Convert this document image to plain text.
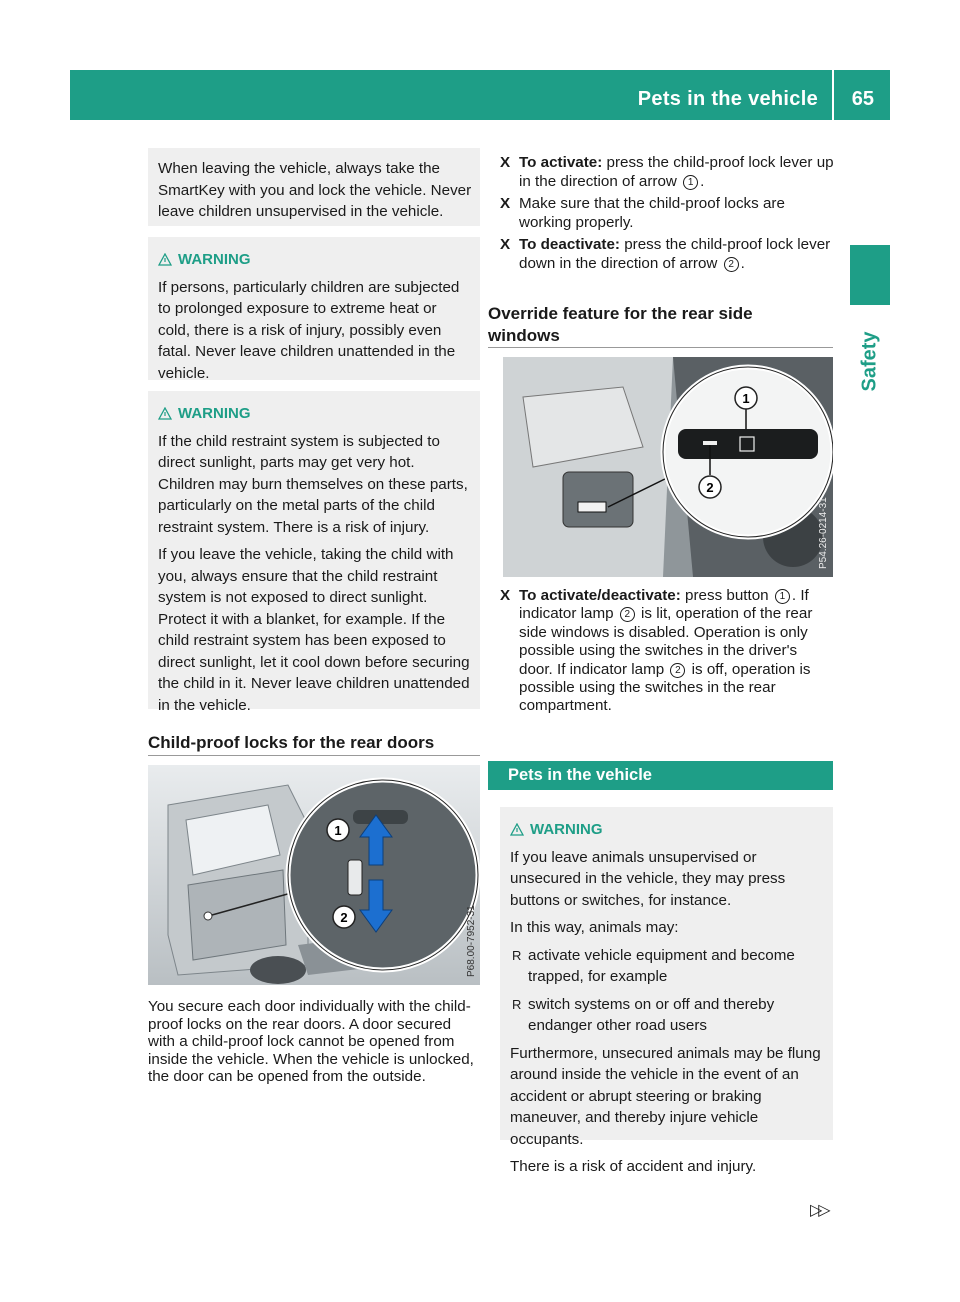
Pets in the vehicle 65
Safety

When leaving the vehicle, always take the SmartKey with you and lock the vehicle. Never leave children unsupervised in the vehicle.

WARNING

If persons, particularly children are subjected to prolonged exposure to extreme heat or cold, there is a risk of injury, possibly even fatal. Never leave children unattended in the vehicle.

WARNING

If the child restraint system is subjected to direct sunlight, parts may get very hot. Children may burn themselves on these parts, particularly on the metal parts of the child restraint system. There is a risk of injury.

If you leave the vehicle, taking the child with you, always ensure that the child restraint system is not exposed to direct sunlight. Protect it with a blanket, for example. If the child restraint system has been exposed to direct sunlight, let it cool down before securing the child in it. Never leave children unattended in the vehicle.

Child-proof locks for the rear doors
1
2	P68.00-7952-31
You secure each door individually with the child-proof locks on the rear doors. A door secured with a child-proof lock cannot be opened from inside the vehicle. When the vehicle is unlocked, the door can be opened from the outside.
X To activate: press the child-proof lock lever up in the direction of arrow 1 .
X Make sure that the child-proof locks are working properly.
X To deactivate: press the child-proof lock lever down in the direction of arrow 2 .
Override feature for the rear side windows
1
2
P54.26-0214-31
X To activate/deactivate: press button 1 . If indicator lamp 2 is lit, operation of the rear side windows is disabled. Operation is only possible using the switches in the driver's door. If indicator lamp 2 is off, operation is possible using the switches in the rear compartment.
Pets in the vehicle
WARNING

If you leave animals unsupervised or unsecured in the vehicle, they may press buttons or switches, for instance.

In this way, animals may:

R activate vehicle equipment and become trapped, for example
R switch systems on or off and thereby endanger other road users

Furthermore, unsecured animals may be flung around inside the vehicle in the event of an accident or abrupt steering or braking maneuver, and thereby injure vehicle occupants.

There is a risk of accident and injury.

▷▷
